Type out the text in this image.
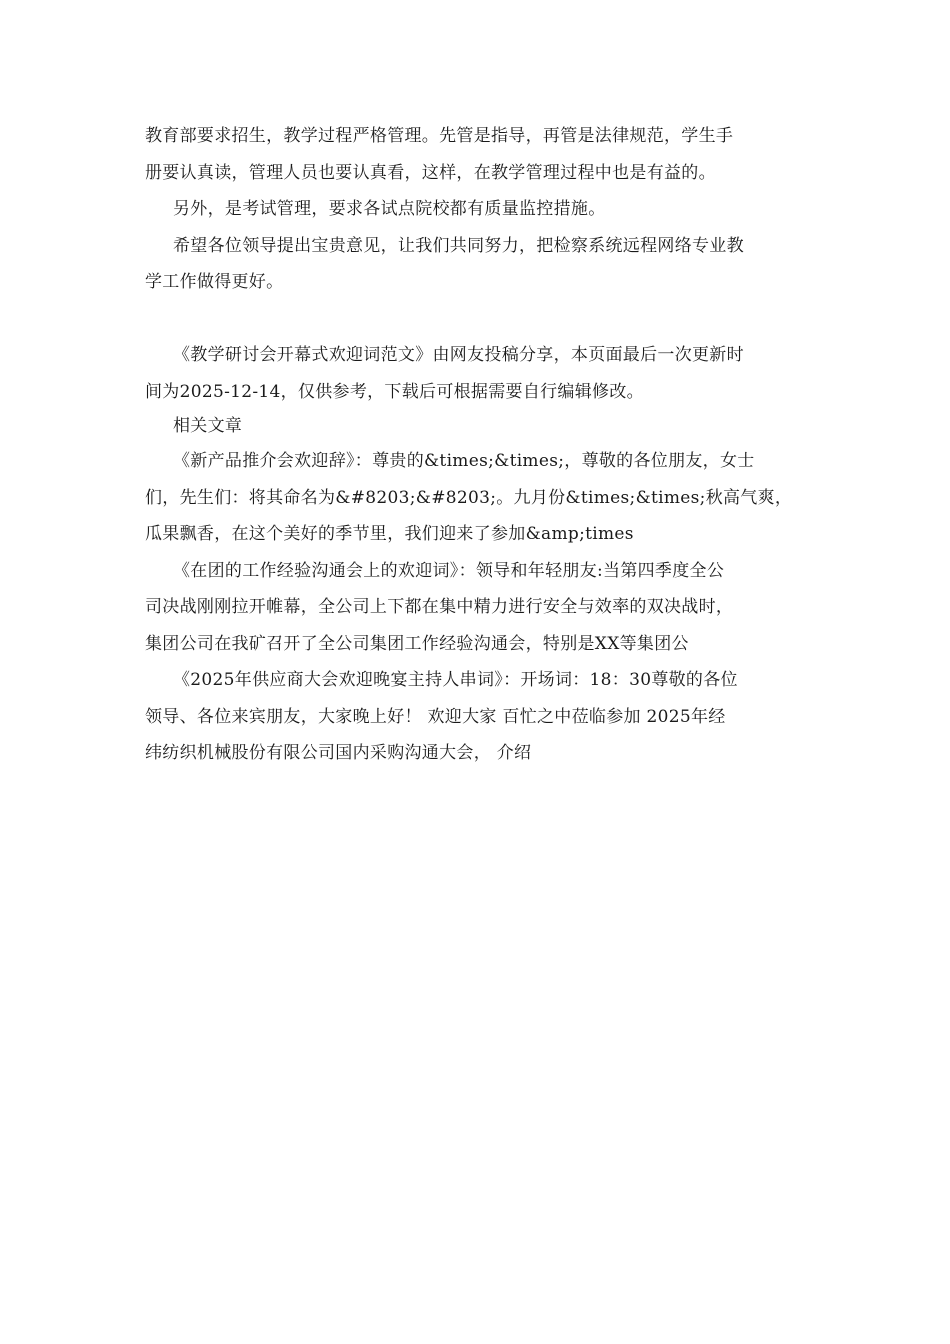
教育部要求招生，教学过程严格管理。先管是指导，再管是法律规范，学生手
册要认真读，管理人员也要认真看，这样，在教学管理过程中也是有益的。
另外，是考试管理，要求各试点院校都有质量监控措施。
希望各位领导提出宝贵意见，让我们共同努力，把检察系统远程网络专业教
学工作做得更好。
《教学研讨会开幕式欢迎词范文》由网友投稿分享，本页面最后一次更新时
间为2025-12-14，仅供参考，下载后可根据需要自行编辑修改。
相关文章
《新产品推介会欢迎辞》：尊贵的&times;&times;，尊敬的各位朋友，女士
们，先生们：将其命名为&#8203;&#8203;。九月份&times;&times;秋高气爽，
瓜果飘香，在这个美好的季节里，我们迎来了参加&amp;times
《在团的工作经验沟通会上的欢迎词》：领导和年轻朋友:当第四季度全公
司决战刚刚拉开帷幕，全公司上下都在集中精力进行安全与效率的双决战时，
集团公司在我矿召开了全公司集团工作经验沟通会，特别是XX等集团公
《2025年供应商大会欢迎晚宴主持人串词》：开场词：18：30尊敬的各位
领导、各位来宾朋友，大家晚上好！ 欢迎大家 百忙之中莅临参加 2025年经
纬纺织机械股份有限公司国内采购沟通大会， 介绍
